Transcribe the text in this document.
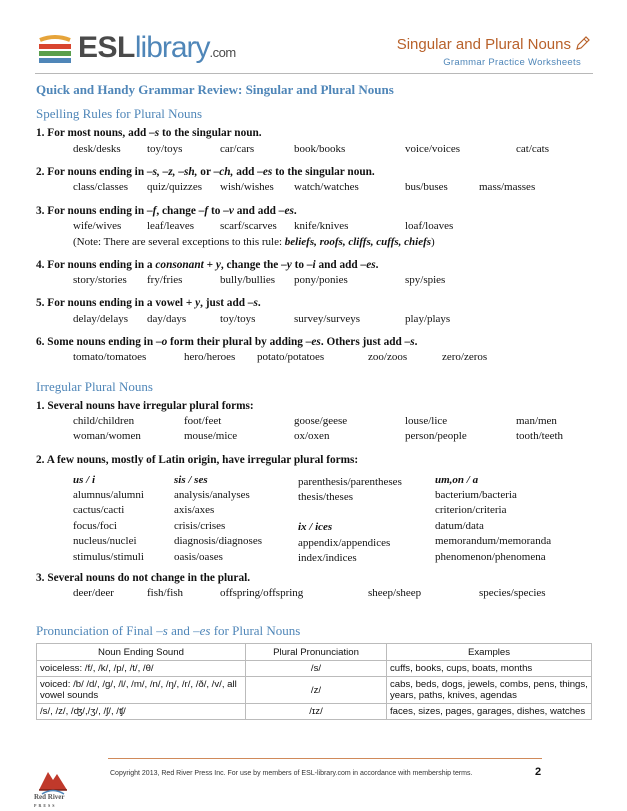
ESLlibrary.com	Singular and Plural Nouns
Grammar Practice Worksheets
Quick and Handy Grammar Review: Singular and Plural Nouns
Spelling Rules for Plural Nouns
1. For most nouns, add –s to the singular noun.
desk/desks toy/toys	car/cars	book/books	voice/voices	cat/cats
2. For nouns ending in –s, –z, –sh, or –ch, add –es to the singular noun.
class/classes quiz/quizzes wish/wishes watch/watches	bus/buses	mass/masses
3. For nouns ending in –f, change –f to –v and add –es.
wife/wives leaf/leaves scarf/scarves knife/knives	loaf/loaves
(Note: There are several exceptions to this rule: beliefs, roofs, cliffs, cuffs, chiefs)
4. For nouns ending in a consonant + y, change the –y to –i and add –es.
story/stories fry/fries	bully/bullies pony/ponies	spy/spies
5. For nouns ending in a vowel + y, just add –s.
delay/delays day/days	toy/toys	survey/surveys	play/plays
6. Some nouns ending in –o form their plural by adding –es. Others just add –s.
tomato/tomatoes	hero/heroes potato/potatoes	zoo/zoos	zero/zeros
Irregular Plural Nouns
1. Several nouns have irregular plural forms:
child/children	foot/feet	goose/geese	louse/lice	man/men
woman/women	mouse/mice	ox/oxen	person/people	tooth/teeth
2. A few nouns, mostly of Latin origin, have irregular plural forms:
us / i
alumnus/alumni
cactus/cacti
focus/foci
nucleus/nuclei
stimulus/stimuli
sis / ses
analysis/analyses
axis/axes
crisis/crises
diagnosis/diagnoses
oasis/oases
parenthesis/parentheses
thesis/theses
ix / ices
appendix/appendices
index/indices
um,on / a
bacterium/bacteria
criterion/criteria
datum/data
memorandum/memoranda
phenomenon/phenomena
3. Several nouns do not change in the plural.
deer/deer	fish/fish	offspring/offspring	sheep/sheep	species/species
Pronunciation of Final –s and –es for Plural Nouns
Noun Ending Sound	Plural Pronunciation	Examples
voiceless: /f/, /k/, /p/, /t/, /θ/	/s/	cuffs, books, cups, boats, months
voiced: /b/ /d/, /g/, /l/, /m/, /n/, /ŋ/, /r/, /ð/, /v/, all vowel sounds	/z/	cabs, beds, dogs, jewels, combs, pens, things, years, paths, knives, agendas
/s/, /z/, /ʤ/,/ʒ/, /ʃ/, /ʧ/	/ɪz/	faces, sizes, pages, garages, dishes, watches
Red River
PRESS
Copyright 2013, Red River Press Inc. For use by members of ESL-library.com in accordance with membership terms.	2
